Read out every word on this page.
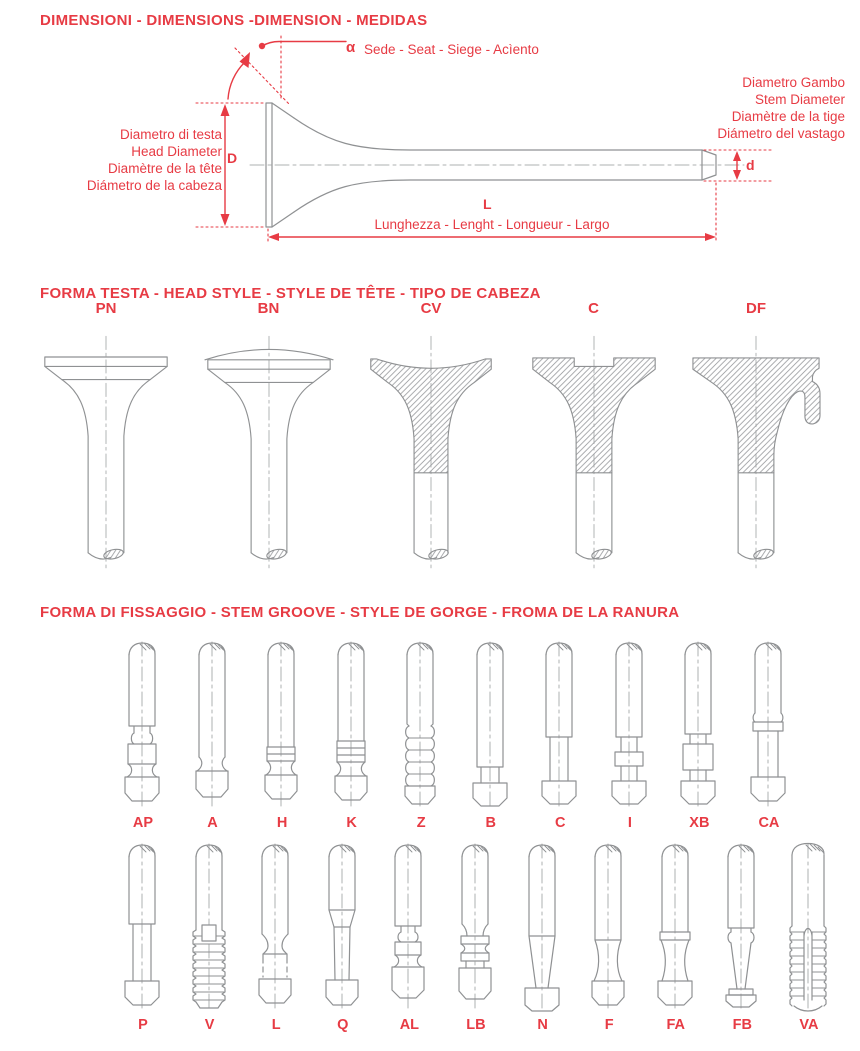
DIMENSIONI - DIMENSIONS -DIMENSION - MEDIDAS
Diametro di testa
Head Diameter
Diamètre de la tête
Diámetro de la cabeza
D
α Sede - Seat - Siege - Acìento
Diametro Gambo
Stem Diameter
Diamètre de la tige
Diámetro del vastago
d
L
Lunghezza - Lenght - Longueur - Largo
FORMA TESTA - HEAD STYLE - STYLE DE TÊTE - TIPO DE CABEZA
PN	BN	CV	C	DF
FORMA DI FISSAGGIO - STEM GROOVE - STYLE DE GORGE - FROMA DE LA RANURA
AP	A	H	K	Z	B	C	I	XB	CA
P	V	L	Q	AL	LB	N	F	FA	FB	VA
